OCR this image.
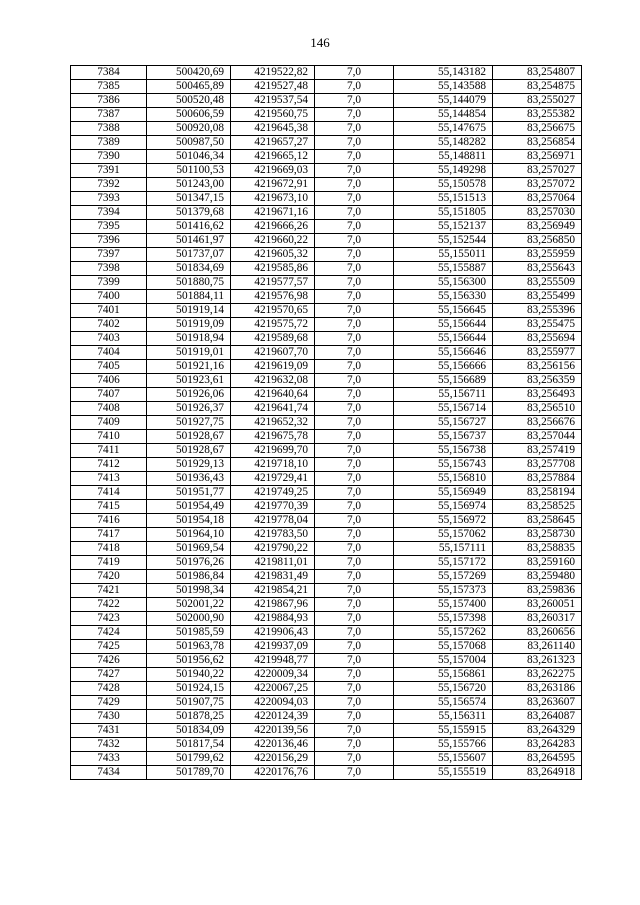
146
7384	500420,69	4219522,82	7,0	55,143182	83,254807
7385	500465,89	4219527,48	7,0	55,143588	83,254875
7386	500520,48	4219537,54	7,0	55,144079	83,255027
7387	500606,59	4219560,75	7,0	55,144854	83,255382
7388	500920,08	4219645,38	7,0	55,147675	83,256675
7389	500987,50	4219657,27	7,0	55,148282	83,256854
7390	501046,34	4219665,12	7,0	55,148811	83,256971
7391	501100,53	4219669,03	7,0	55,149298	83,257027
7392	501243,00	4219672,91	7,0	55,150578	83,257072
7393	501347,15	4219673,10	7,0	55,151513	83,257064
7394	501379,68	4219671,16	7,0	55,151805	83,257030
7395	501416,62	4219666,26	7,0	55,152137	83,256949
7396	501461,97	4219660,22	7,0	55,152544	83,256850
7397	501737,07	4219605,32	7,0	55,155011	83,255959
7398	501834,69	4219585,86	7,0	55,155887	83,255643
7399	501880,75	4219577,57	7,0	55,156300	83,255509
7400	501884,11	4219576,98	7,0	55,156330	83,255499
7401	501919,14	4219570,65	7,0	55,156645	83,255396
7402	501919,09	4219575,72	7,0	55,156644	83,255475
7403	501918,94	4219589,68	7,0	55,156644	83,255694
7404	501919,01	4219607,70	7,0	55,156646	83,255977
7405	501921,16	4219619,09	7,0	55,156666	83,256156
7406	501923,61	4219632,08	7,0	55,156689	83,256359
7407	501926,06	4219640,64	7,0	55,156711	83,256493
7408	501926,37	4219641,74	7,0	55,156714	83,256510
7409	501927,75	4219652,32	7,0	55,156727	83,256676
7410	501928,67	4219675,78	7,0	55,156737	83,257044
7411	501928,67	4219699,70	7,0	55,156738	83,257419
7412	501929,13	4219718,10	7,0	55,156743	83,257708
7413	501936,43	4219729,41	7,0	55,156810	83,257884
7414	501951,77	4219749,25	7,0	55,156949	83,258194
7415	501954,49	4219770,39	7,0	55,156974	83,258525
7416	501954,18	4219778,04	7,0	55,156972	83,258645
7417	501964,10	4219783,50	7,0	55,157062	83,258730
7418	501969,54	4219790,22	7,0	55,157111	83,258835
7419	501976,26	4219811,01	7,0	55,157172	83,259160
7420	501986,84	4219831,49	7,0	55,157269	83,259480
7421	501998,34	4219854,21	7,0	55,157373	83,259836
7422	502001,22	4219867,96	7,0	55,157400	83,260051
7423	502000,90	4219884,93	7,0	55,157398	83,260317
7424	501985,59	4219906,43	7,0	55,157262	83,260656
7425	501963,78	4219937,09	7,0	55,157068	83,261140
7426	501956,62	4219948,77	7,0	55,157004	83,261323
7427	501940,22	4220009,34	7,0	55,156861	83,262275
7428	501924,15	4220067,25	7,0	55,156720	83,263186
7429	501907,75	4220094,03	7,0	55,156574	83,263607
7430	501878,25	4220124,39	7,0	55,156311	83,264087
7431	501834,09	4220139,56	7,0	55,155915	83,264329
7432	501817,54	4220136,46	7,0	55,155766	83,264283
7433	501799,62	4220156,29	7,0	55,155607	83,264595
7434	501789,70	4220176,76	7,0	55,155519	83,264918
